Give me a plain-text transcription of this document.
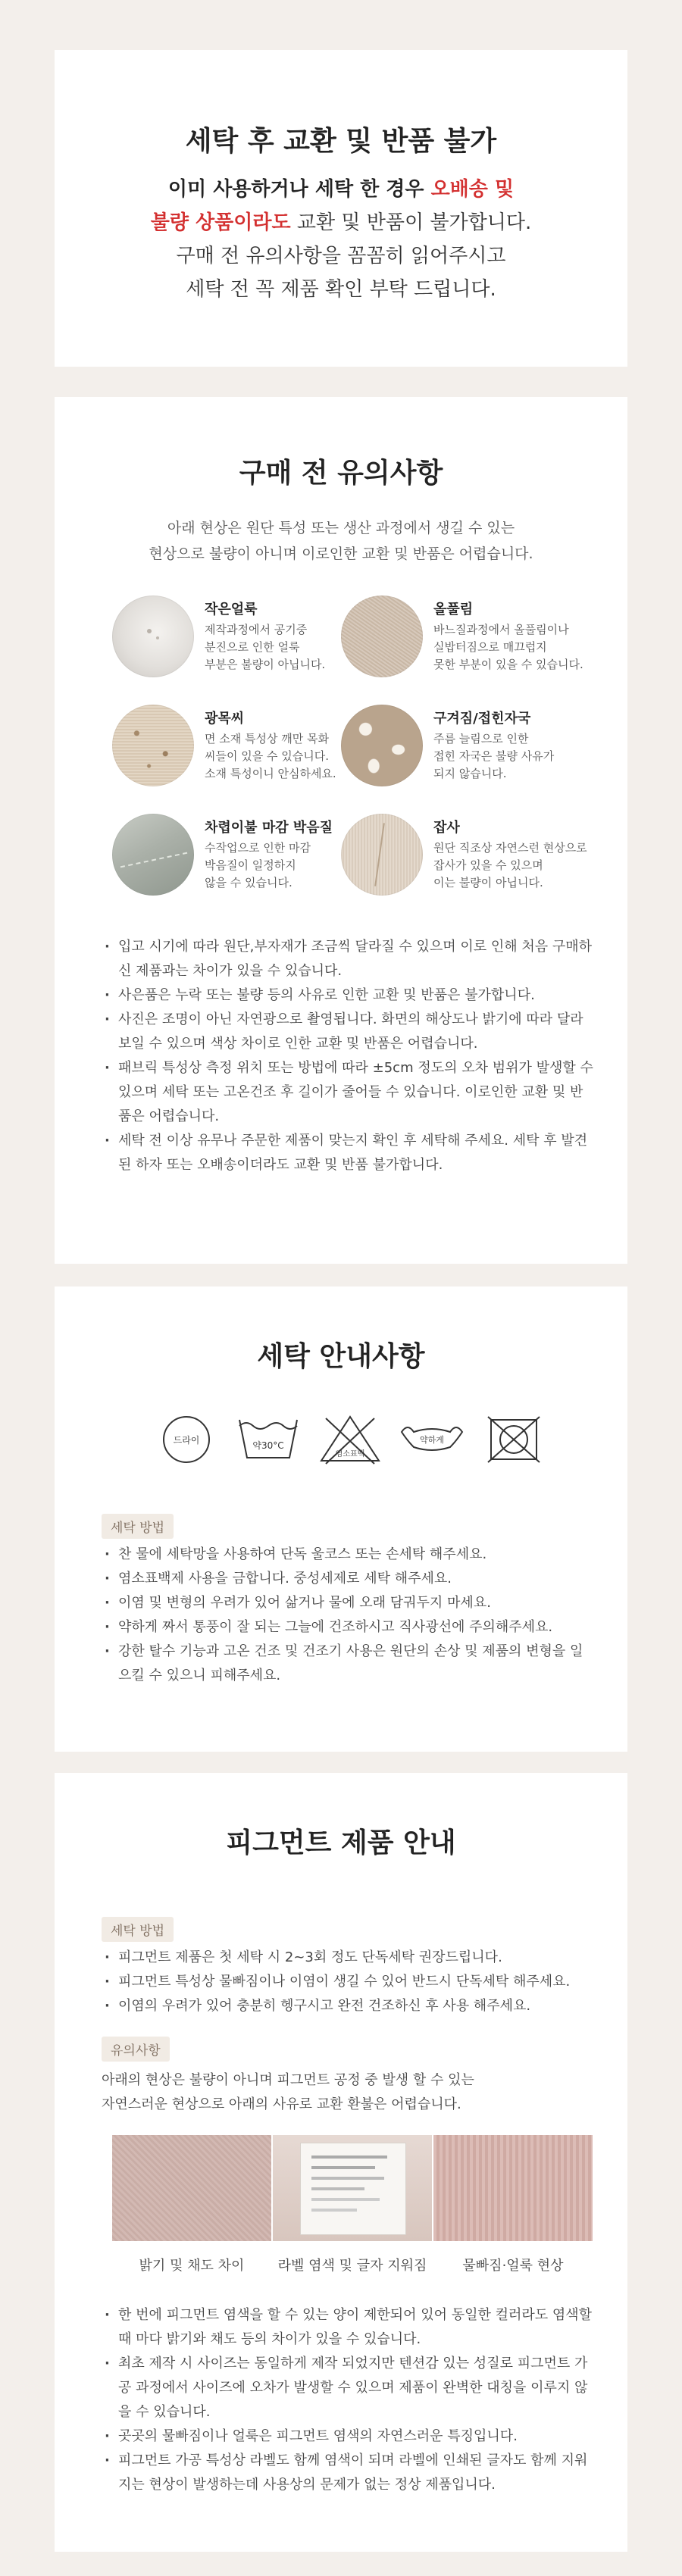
세탁 후 교환 및 반품 불가
이미 사용하거나 세탁 한 경우 오배송 및
불량 상품이라도 교환 및 반품이 불가합니다.
구매 전 유의사항을 꼼꼼히 읽어주시고
세탁 전 꼭 제품 확인 부탁 드립니다.
구매 전 유의사항
아래 현상은 원단 특성 또는 생산 과정에서 생길 수 있는
현상으로 불량이 아니며 이로인한 교환 및 반품은 어렵습니다.
작은얼룩
제작과정에서 공기중
분진으로 인한 얼룩
부분은 불량이 아닙니다.
올풀림
바느질과정에서 올풀림이나
실밥터짐으로 매끄럽지
못한 부분이 있을 수 있습니다.
광목씨
면 소재 특성상 깨만 목화
씨들이 있을 수 있습니다.
소재 특성이니 안심하세요.
구겨짐/접힌자국
주름 늘림으로 인한
접힌 자국은 불량 사유가
되지 않습니다.
차렵이불 마감 박음질
수작업으로 인한 마감
박음질이 일정하지
않을 수 있습니다.
잡사
원단 직조상 자연스런 현상으로
잡사가 있을 수 있으며
이는 불량이 아닙니다.
· 입고 시기에 따라 원단,부자재가 조금씩 달라질 수 있으며 이로 인해 처음 구매하신 제품과는 차이가 있을 수 있습니다.
· 사은품은 누락 또는 불량 등의 사유로 인한 교환 및 반품은 불가합니다.
· 사진은 조명이 아닌 자연광으로 촬영됩니다. 화면의 해상도나 밝기에 따라 달라 보일 수 있으며 색상 차이로 인한 교환 및 반품은 어렵습니다.
· 패브릭 특성상 측정 위치 또는 방법에 따라 ±5cm 정도의 오차 범위가 발생할 수 있으며 세탁 또는 고온건조 후 길이가 줄어들 수 있습니다. 이로인한 교환 및 반품은 어렵습니다.
· 세탁 전 이상 유무나 주문한 제품이 맞는지 확인 후 세탁해 주세요. 세탁 후 발견된 하자 또는 오배송이더라도 교환 및 반품 불가합니다.
세탁 안내사항
드라이	약30°C
염소표백
약하게
세탁 방법
· 찬 물에 세탁망을 사용하여 단독 울코스 또는 손세탁 해주세요.
· 염소표백제 사용을 금합니다. 중성세제로 세탁 해주세요.
· 이염 및 변형의 우려가 있어 삶거나 물에 오래 담궈두지 마세요.
· 약하게 짜서 통풍이 잘 되는 그늘에 건조하시고 직사광선에 주의해주세요.
· 강한 탈수 기능과 고온 건조 및 건조기 사용은 원단의 손상 및 제품의 변형을 일으킬 수 있으니 피해주세요.
피그먼트 제품 안내
세탁 방법
· 피그먼트 제품은 첫 세탁 시 2~3회 정도 단독세탁 권장드립니다.
· 피그먼트 특성상 물빠짐이나 이염이 생길 수 있어 반드시 단독세탁 해주세요.
· 이염의 우려가 있어 충분히 헹구시고 완전 건조하신 후 사용 해주세요.
유의사항
아래의 현상은 불량이 아니며 피그먼트 공정 중 발생 할 수 있는
자연스러운 현상으로 아래의 사유로 교환 환불은 어렵습니다.
밝기 및 채도 차이	라벨 염색 및 글자 지워짐	물빠짐·얼룩 현상
· 한 번에 피그먼트 염색을 할 수 있는 양이 제한되어 있어 동일한 컬러라도 염색할 때 마다 밝기와 채도 등의 차이가 있을 수 있습니다.
· 최초 제작 시 사이즈는 동일하게 제작 되었지만 텐션감 있는 성질로 피그먼트 가공 과정에서 사이즈에 오차가 발생할 수 있으며 제품이 완벽한 대칭을 이루지 않을 수 있습니다.
· 곳곳의 물빠짐이나 얼룩은 피그먼트 염색의 자연스러운 특징입니다.
· 피그먼트 가공 특성상 라벨도 함께 염색이 되며 라벨에 인쇄된 글자도 함께 지워지는 현상이 발생하는데 사용상의 문제가 없는 정상 제품입니다.
